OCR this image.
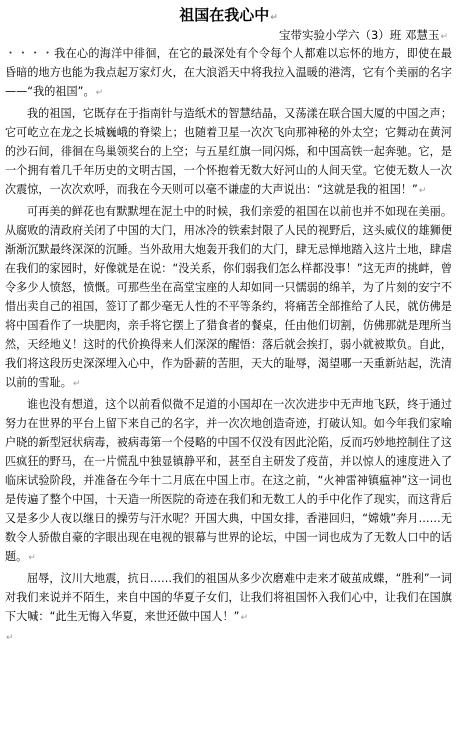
祖国在我心中↵
宝带实验小学六（3）班 邓慧玉↵

・・・・我在心的海洋中徘徊，在它的最深处有个令每个人都难以忘怀的地方，即使在最昏暗的地方也能为我点起万家灯火，在大浪滔天中将我拉入温暖的港湾，它有个美丽的名字——“我的祖国”。↵

我的祖国，它既存在于指南针与造纸术的智慧结晶，又荡漾在联合国大厦的中国之声；它可屹立在龙之长城巍峨的脊梁上；也随着卫星一次次飞向那神秘的外太空；它舞动在黄河的沙石间，徘徊在鸟巢领奖台的上空；与五星红旗一同闪烁，和中国高铁一起奔驰。它，是一个拥有着几千年历史的文明古国，一个怀抱着无数大好河山的人间天堂。它使无数人一次次震惊，一次次欢呼，而我在今天则可以毫不谦虚的大声说出：“这就是我的祖国！”↵

可再美的鲜花也有默默埋在泥土中的时候，我们亲爱的祖国在以前也并不如现在美丽。从腐败的清政府关闭了中国的大门，用冰冷的铁索封限了人民的视野后，这头威仪的雄狮便渐渐沉默最终深深的沉睡。当外敌用大炮轰开我们的大门，肆无忌惮地踏入这片土地，肆虐在我们的家园时，好像就是在说：“没关系，你们弱我们怎么样都没事！”这无声的挑衅，曾令多少人愤怒，愤慨。可那些坐在高堂宝座的人却如同一只懦弱的绵羊，为了片刻的安宁不惜出卖自己的祖国，签订了都少毫无人性的不平等条约，将痛苦全部推给了人民，就仿佛是将中国看作了一块肥肉，亲手将它摆上了猎食者的餐桌，任由他们切割，仿佛那就是理所当然，天经地义！这时的代价换得来人们深深的醒悟：落后就会挨打，弱小就被欺负。自此，我们将这段历史深深埋入心中，作为卧薪的苦胆，天大的耻辱，渴望哪一天重新站起，洗清以前的雪耻。↵

谁也没有想道，这个以前看似微不足道的小国却在一次次进步中无声地飞跃，终于通过努力在世界的平台上留下来自己的名字，并一次次地创造奇迹，打破认知。如今年我们家喻户晓的新型冠状病毒，被病毒第一个侵略的中国不仅没有因此沦陷，反而巧妙地控制住了这匹疯狂的野马，在一片慌乱中独显镇静平和，甚至自主研发了疫苗，并以惊人的速度进入了临床试验阶段，并准备在今年十二月底在中国上市。在这之前，“火神雷神镇瘟神”这一词也是传遍了整个中国，十天造一所医院的奇迹在我们和无数工人的手中化作了现实，而这背后又是多少人夜以继日的操劳与汗水呢？开国大典，中国女排，香港回归，“嫦娥”奔月……无数令人骄傲自豪的字眼出现在电视的银幕与世界的论坛，中国一词也成为了无数人口中的话题。↵

屈辱，汶川大地震，抗日……我们的祖国从多少次磨难中走来才破茧成蝶，“胜利”一词对我们来说并不陌生，来自中国的华夏子女们，让我们将祖国怀入我们心中，让我们在国旗下大喊：“此生无悔入华夏，来世还做中国人！”↵

↵
